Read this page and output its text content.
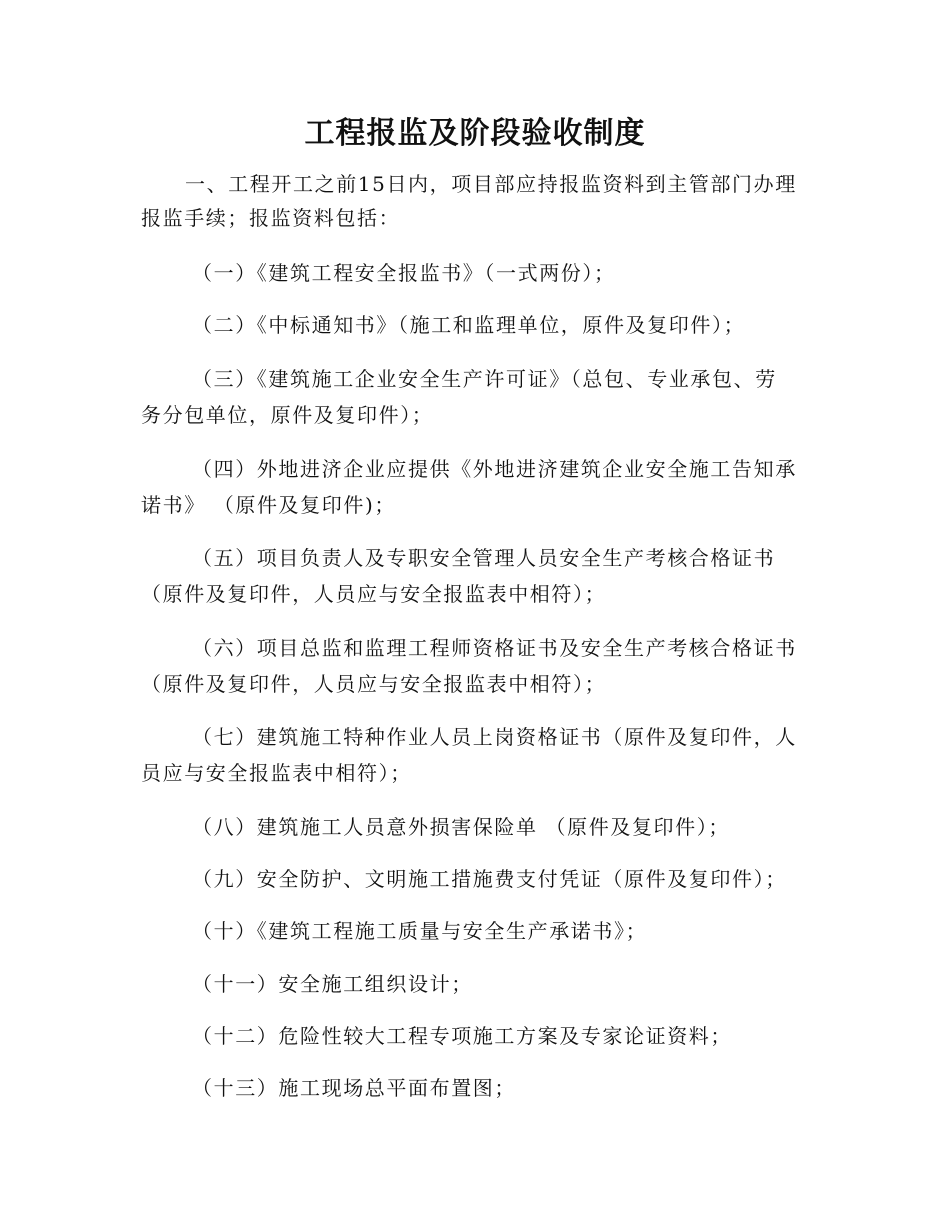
工程报监及阶段验收制度
一、工程开工之前15日内，项目部应持报监资料到主管部门办理
报监手续；报监资料包括：
（一）《建筑工程安全报监书》（一式两份）；
（二）《中标通知书》（施工和监理单位，原件及复印件）；
（三）《建筑施工企业安全生产许可证》（总包、专业承包、劳
务分包单位，原件及复印件）；
（四）外地进济企业应提供《外地进济建筑企业安全施工告知承
诺书》 （原件及复印件)；
（五）项目负责人及专职安全管理人员安全生产考核合格证书
（原件及复印件，人员应与安全报监表中相符）；
（六）项目总监和监理工程师资格证书及安全生产考核合格证书
（原件及复印件，人员应与安全报监表中相符）；
（七）建筑施工特种作业人员上岗资格证书（原件及复印件，人
员应与安全报监表中相符）；
（八）建筑施工人员意外损害保险单 （原件及复印件）；
（九）安全防护、文明施工措施费支付凭证（原件及复印件）；
（十）《建筑工程施工质量与安全生产承诺书》；
（十一）安全施工组织设计；
（十二）危险性较大工程专项施工方案及专家论证资料；
（十三）施工现场总平面布置图；
